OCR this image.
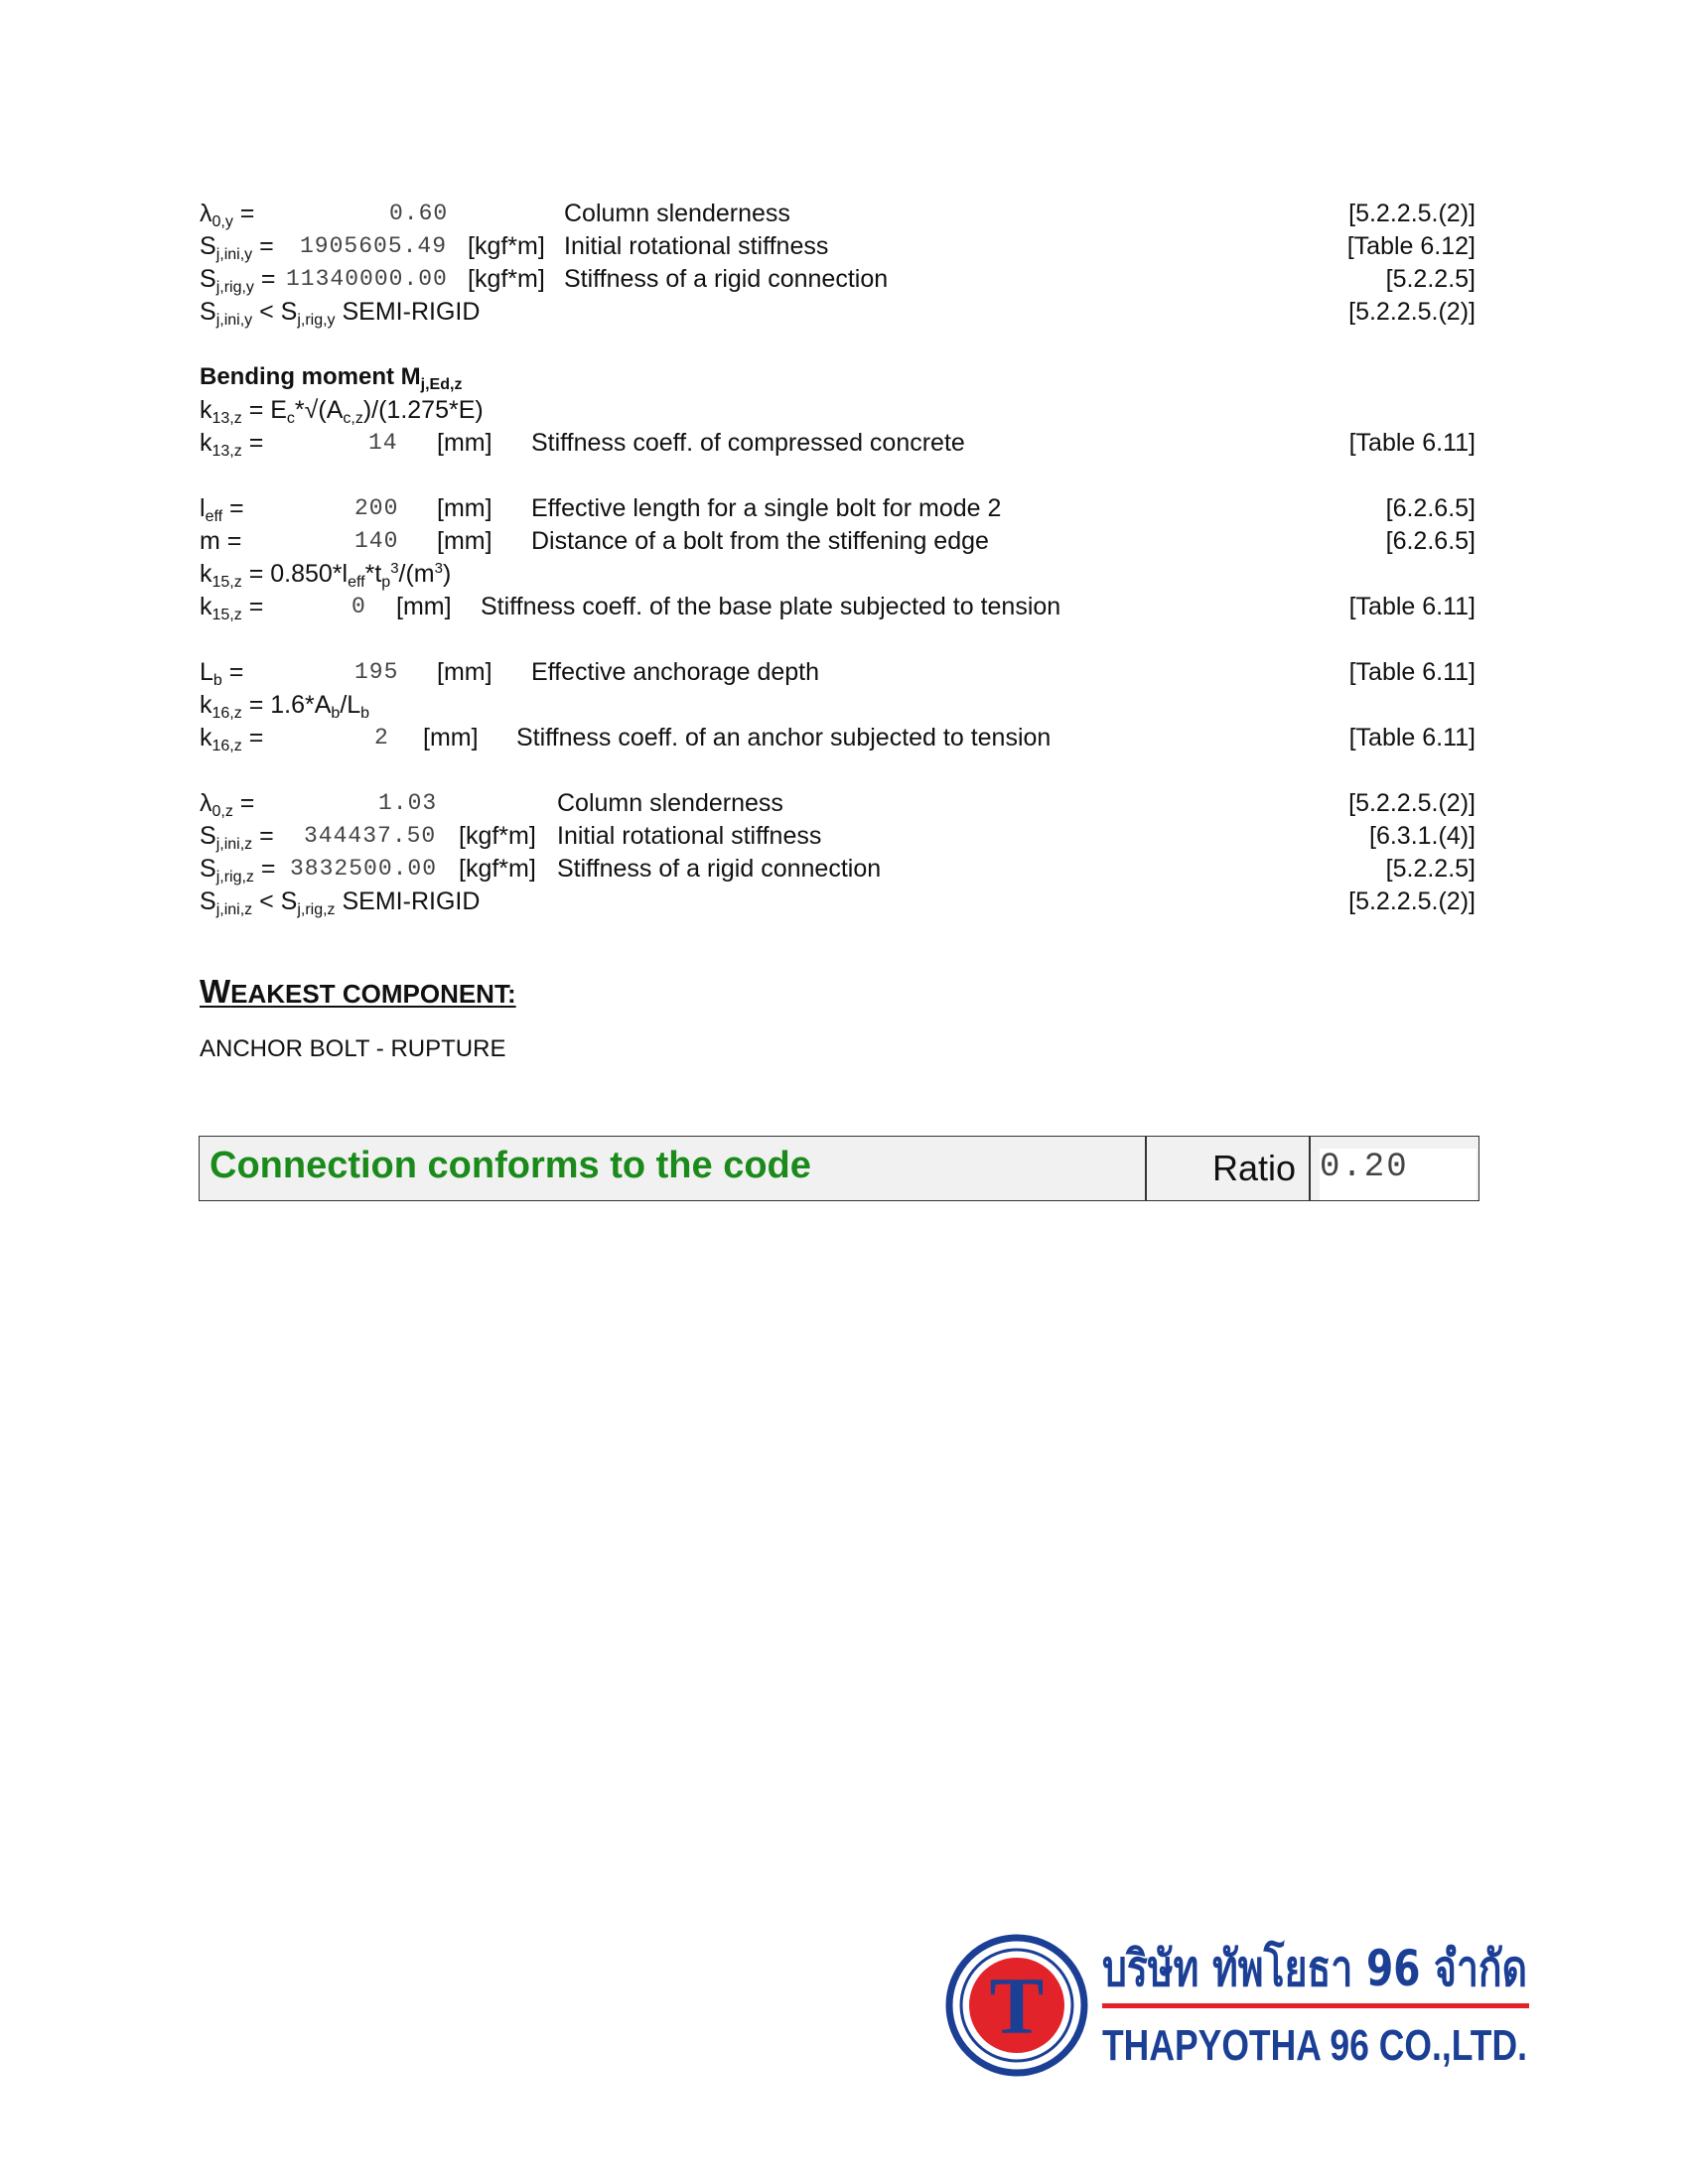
$\lambda_{0,y}$ =	0.60	Column slenderness	[5.2.2.5.(2)]
$S_{j,ini,y} = 1905605.49$ [kgf*m] Initial rotational stiffness	[Table 6.12]
$S_{j,rig,y} = 11340000.00$ [kgf*m] Stiffness of a rigid connection	[5.2.2.5]
$S_{j,ini,y} < S_{j,rig,y}$ SEMI-RIGID	[5.2.2.5.(2)]
Bending moment $M_{j,Ed,z}$
$k_{13,z} = E_c*√(A_{c,z})/(1.275*E)$
$k_{13,z}$ =	14 [mm] Stiffness coeff. of compressed concrete	[Table 6.11]
$l_{eff}$ =	200 [mm] Effective length for a single bolt for mode 2	[6.2.6.5]
m =	140 [mm] Distance of a bolt from the stiffening edge	[6.2.6.5]
$k_{15,z} = 0.850*l_{eff}*t_p^3/(m^3)$
$k_{15,z}$ =	0 [mm] Stiffness coeff. of the base plate subjected to tension	[Table 6.11]
$L_b$ =	195 [mm] Effective anchorage depth	[Table 6.11]
$k_{16,z} = 1.6*A_b/L_b$
$k_{16,z}$ =	2 [mm] Stiffness coeff. of an anchor subjected to tension	[Table 6.11]
$\lambda_{0,z}$ =	1.03	Column slenderness	[5.2.2.5.(2)]
$S_{j,ini,z} = 344437.50$ [kgf*m] Initial rotational stiffness	[6.3.1.(4)]
$S_{j,rig,z} = 3832500.00$ [kgf*m] Stiffness of a rigid connection	[5.2.2.5]
$S_{j,ini,z} < S_{j,rig,z}$ SEMI-RIGID	[5.2.2.5.(2)]
WEAKEST COMPONENT:
ANCHOR BOLT - RUPTURE
Connection conforms to the code	Ratio 0.20
T บริษัท ทัพโยธา 96 จำกัด
THAPYOTHA 96 CO.,LTD.
